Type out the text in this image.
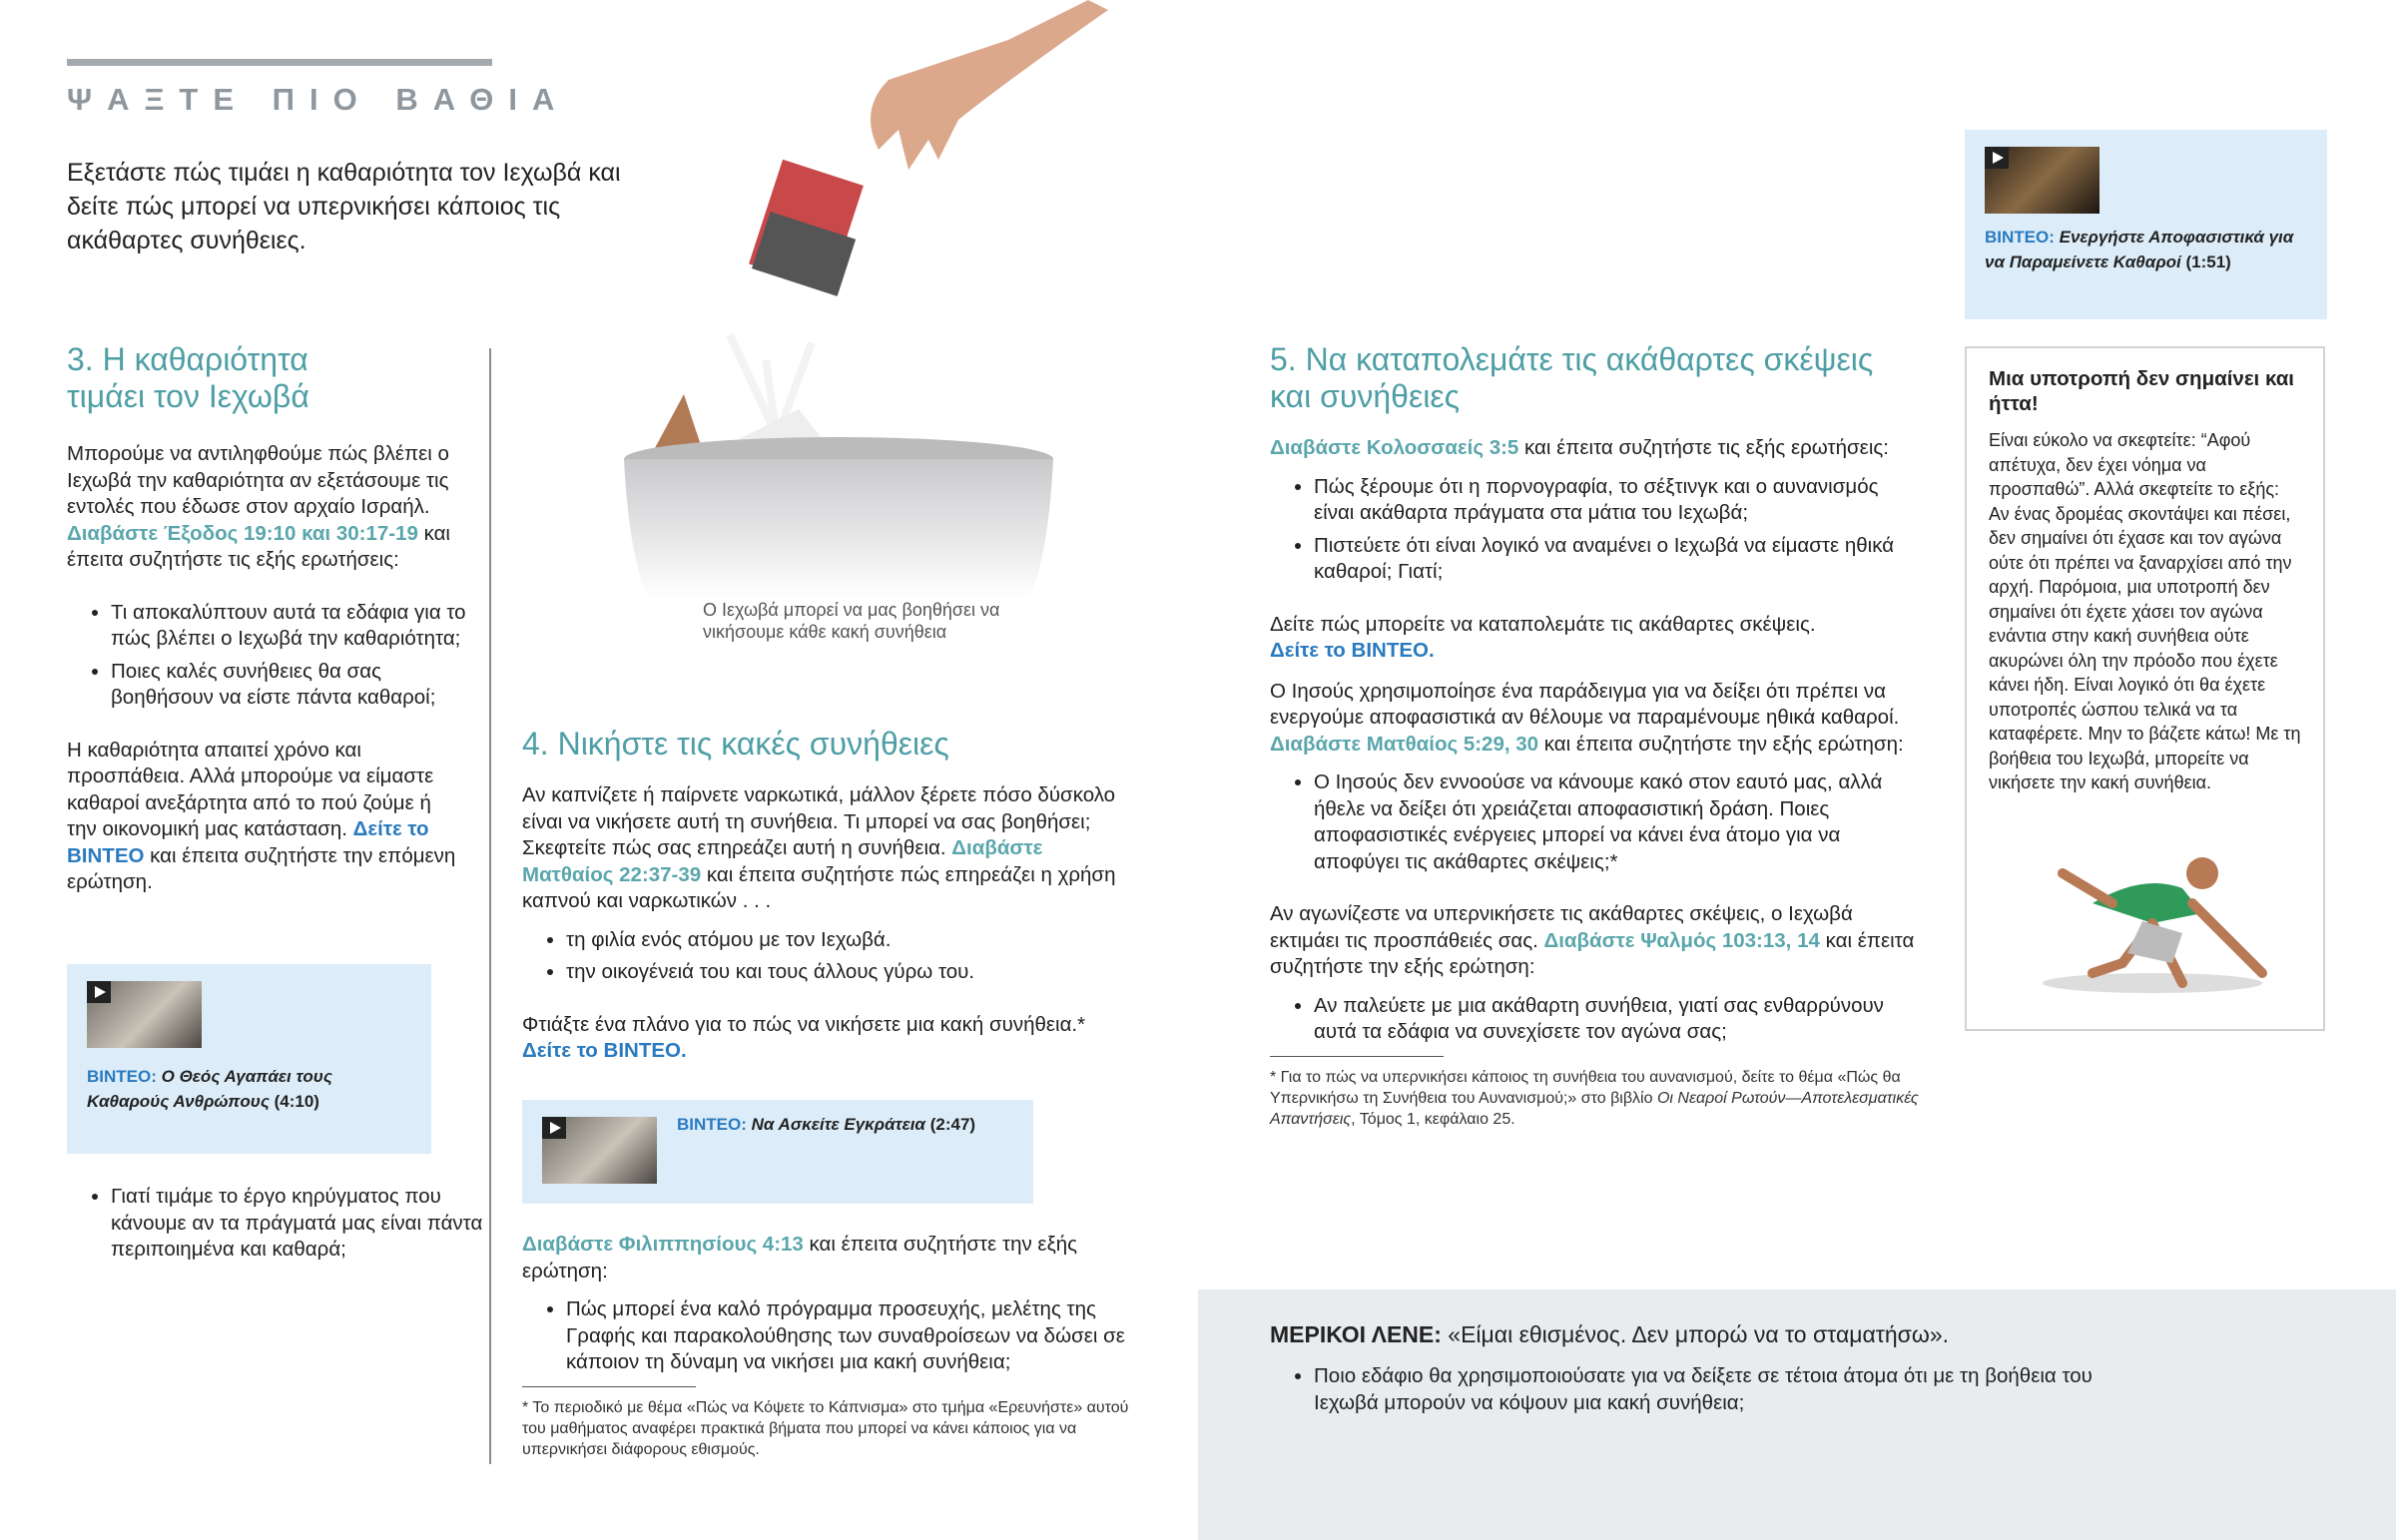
ΨΑΞΤΕ ΠΙΟ ΒΑΘΙΑ
Εξετάστε πώς τιμάει η καθαριότητα τον Ιεχωβά και δείτε πώς μπορεί να υπερνικήσει κάποιος τις ακάθαρτες συνήθειες.
Ο Ιεχωβά μπορεί να μας βοηθήσει να νικήσουμε κάθε κακή συνήθεια
3. Η καθαριότητα τιμάει τον Ιεχωβά

Μπορούμε να αντιληφθούμε πώς βλέπει ο Ιεχωβά την καθαριότητα αν εξετάσουμε τις εντολές που έδωσε στον αρχαίο Ισραήλ. Διαβάστε Έξοδος 19:10 και 30:17-19 και έπειτα συζητήστε τις εξής ερωτήσεις:

• Τι αποκαλύπτουν αυτά τα εδάφια για το πώς βλέπει ο Ιεχωβά την καθαριότητα;
• Ποιες καλές συνήθειες θα σας βοηθήσουν να είστε πάντα καθαροί;

Η καθαριότητα απαιτεί χρόνο και προσπάθεια. Αλλά μπορούμε να είμαστε καθαροί ανεξάρτητα από το πού ζούμε ή την οικονομική μας κατάσταση. Δείτε το ΒΙΝΤΕΟ και έπειτα συζητήστε την επόμενη ερώτηση.

ΒΙΝΤΕΟ: Ο Θεός Αγαπάει τους Καθαρούς Ανθρώπους (4:10)
• Γιατί τιμάμε το έργο κηρύγματος που κάνουμε αν τα πράγματά μας είναι πάντα περιποιημένα και καθαρά;
4. Νικήστε τις κακές συνήθειες

Αν καπνίζετε ή παίρνετε ναρκωτικά, μάλλον ξέρετε πόσο δύσκολο είναι να νικήσετε αυτή τη συνήθεια. Τι μπορεί να σας βοηθήσει; Σκεφτείτε πώς σας επηρεάζει αυτή η συνήθεια. Διαβάστε Ματθαίος 22:37-39 και έπειτα συζητήστε πώς επηρεάζει η χρήση καπνού και ναρκωτικών . . .

• τη φιλία ενός ατόμου με τον Ιεχωβά.
• την οικογένειά του και τους άλλους γύρω του.

Φτιάξτε ένα πλάνο για το πώς να νικήσετε μια κακή συνήθεια.*
Δείτε το ΒΙΝΤΕΟ.

ΒΙΝΤΕΟ: Να Ασκείτε Εγκράτεια (2:47)

Διαβάστε Φιλιππησίους 4:13 και έπειτα συζητήστε την εξής ερώτηση:

• Πώς μπορεί ένα καλό πρόγραμμα προσευχής, μελέτης της Γραφής και παρακολούθησης των συναθροίσεων να δώσει σε κάποιον τη δύναμη να νικήσει μια κακή συνήθεια;
* Το περιοδικό με θέμα «Πώς να Κόψετε το Κάπνισμα» στο τμήμα «Ερευνήστε» αυτού του μαθήματος αναφέρει πρακτικά βήματα που μπορεί να κάνει κάποιος για να υπερνικήσει διάφορους εθισμούς.
5. Να καταπολεμάτε τις ακάθαρτες σκέψεις και συνήθειες

Διαβάστε Κολοσσαείς 3:5 και έπειτα συζητήστε τις εξής ερωτήσεις:

• Πώς ξέρουμε ότι η πορνογραφία, το σέξτινγκ και ο αυνανισμός είναι ακάθαρτα πράγματα στα μάτια του Ιεχωβά;
• Πιστεύετε ότι είναι λογικό να αναμένει ο Ιεχωβά να είμαστε ηθικά καθαροί; Γιατί;

Δείτε πώς μπορείτε να καταπολεμάτε τις ακάθαρτες σκέψεις.
Δείτε το ΒΙΝΤΕΟ.

Ο Ιησούς χρησιμοποίησε ένα παράδειγμα για να δείξει ότι πρέπει να ενεργούμε αποφασιστικά αν θέλουμε να παραμένουμε ηθικά καθαροί. Διαβάστε Ματθαίος 5:29, 30 και έπειτα συζητήστε την εξής ερώτηση:

• Ο Ιησούς δεν εννοούσε να κάνουμε κακό στον εαυτό μας, αλλά ήθελε να δείξει ότι χρειάζεται αποφασιστική δράση. Ποιες αποφασιστικές ενέργειες μπορεί να κάνει ένα άτομο για να αποφύγει τις ακάθαρτες σκέψεις;*

Αν αγωνίζεστε να υπερνικήσετε τις ακάθαρτες σκέψεις, ο Ιεχωβά εκτιμάει τις προσπάθειές σας. Διαβάστε Ψαλμός 103:13, 14 και έπειτα συζητήστε την εξής ερώτηση:

• Αν παλεύετε με μια ακάθαρτη συνήθεια, γιατί σας ενθαρρύνουν αυτά τα εδάφια να συνεχίσετε τον αγώνα σας;
* Για το πώς να υπερνικήσει κάποιος τη συνήθεια του αυνανισμού, δείτε το θέμα «Πώς θα Υπερνικήσω τη Συνήθεια του Αυνανισμού;» στο βιβλίο Οι Νεαροί Ρωτούν—Αποτελεσματικές Απαντήσεις, Τόμος 1, κεφάλαιο 25.
ΒΙΝΤΕΟ: Ενεργήστε Αποφασιστικά για να Παραμείνετε Καθαροί (1:51)
Μια υποτροπή δεν σημαίνει και ήττα!
Είναι εύκολο να σκεφτείτε: “Αφού απέτυχα, δεν έχει νόημα να προσπαθώ”. Αλλά σκεφτείτε το εξής: Αν ένας δρομέας σκοντάψει και πέσει, δεν σημαίνει ότι έχασε και τον αγώνα ούτε ότι πρέπει να ξαναρχίσει από την αρχή. Παρόμοια, μια υποτροπή δεν σημαίνει ότι έχετε χάσει τον αγώνα ενάντια στην κακή συνήθεια ούτε ακυρώνει όλη την πρόοδο που έχετε κάνει ήδη. Είναι λογικό ότι θα έχετε υποτροπές ώσπου τελικά να τα καταφέρετε. Μην το βάζετε κάτω! Με τη βοήθεια του Ιεχωβά, μπορείτε να νικήσετε την κακή συνήθεια.
ΜΕΡΙΚΟΙ ΛΕΝΕ: «Είμαι εθισμένος. Δεν μπορώ να το σταματήσω».
• Ποιο εδάφιο θα χρησιμοποιούσατε για να δείξετε σε τέτοια άτομα ότι με τη βοήθεια του Ιεχωβά μπορούν να κόψουν μια κακή συνήθεια;
